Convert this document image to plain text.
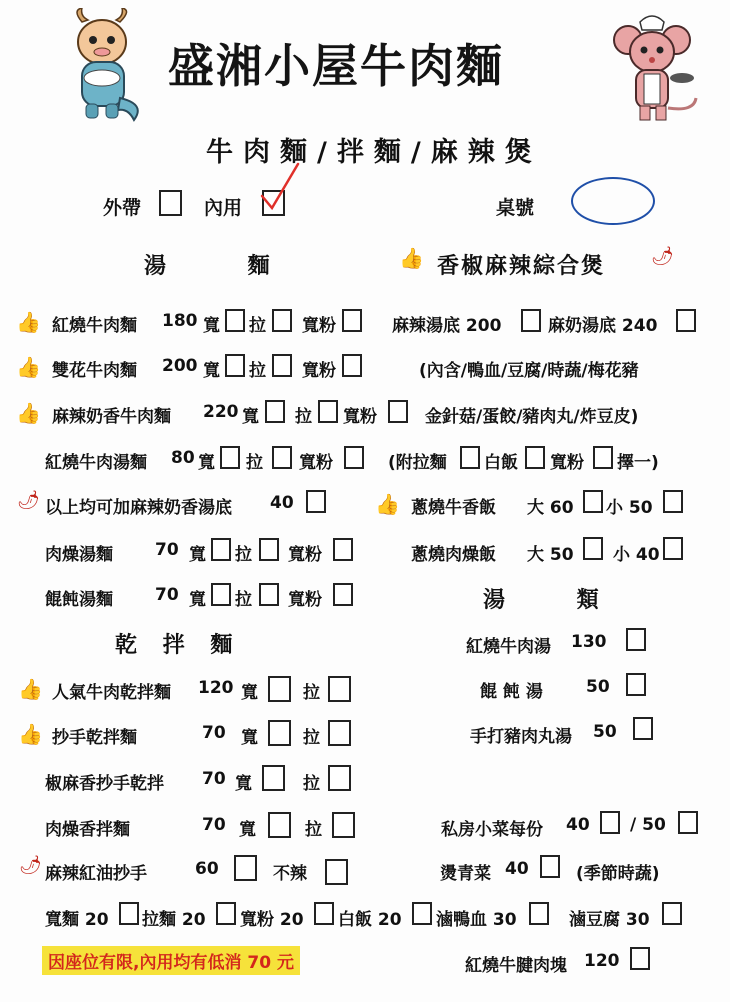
盛湘小屋牛肉麵
牛肉麵/拌麵/麻辣煲
外帶	內用	桌號
湯 麵	👍 香椒麻辣綜合煲	🌶
👍 紅燒牛肉麵 180 寬 拉 寬粉
👍 雙花牛肉麵 200 寬 拉 寬粉
👍 麻辣奶香牛肉麵 220 寬 拉 寬粉
紅燒牛肉湯麵 80 寬 拉 寬粉
🌶 以上均可加麻辣奶香湯底 40
肉燥湯麵 70 寬 拉 寬粉
餛飩湯麵 70 寬 拉 寬粉
麻辣湯底 200	麻奶湯底 240
(內含/鴨血/豆腐/時蔬/梅花豬
金針菇/蛋餃/豬肉丸/炸豆皮)
(附拉麵 白飯 寬粉 擇一)
👍 蔥燒牛香飯 大 60 小 50
蔥燒肉燥飯 大 50 小 40
湯 類
紅燒牛肉湯 130
餛 飩 湯	50
手打豬肉丸湯 50
私房小菜每份 40 / 50
燙青菜 40	(季節時蔬)
紅燒牛腱肉塊 120
乾 拌 麵
👍 人氣牛肉乾拌麵 120 寬	拉
👍 抄手乾拌麵	70 寬	拉
椒麻香抄手乾拌 70 寬	拉
肉燥香拌麵	70 寬	拉
🌶 麻辣紅油抄手	60	不辣
寬麵 20 拉麵 20 寬粉 20 白飯 20 滷鴨血 30	滷豆腐 30
因座位有限,內用均有低消 70 元
